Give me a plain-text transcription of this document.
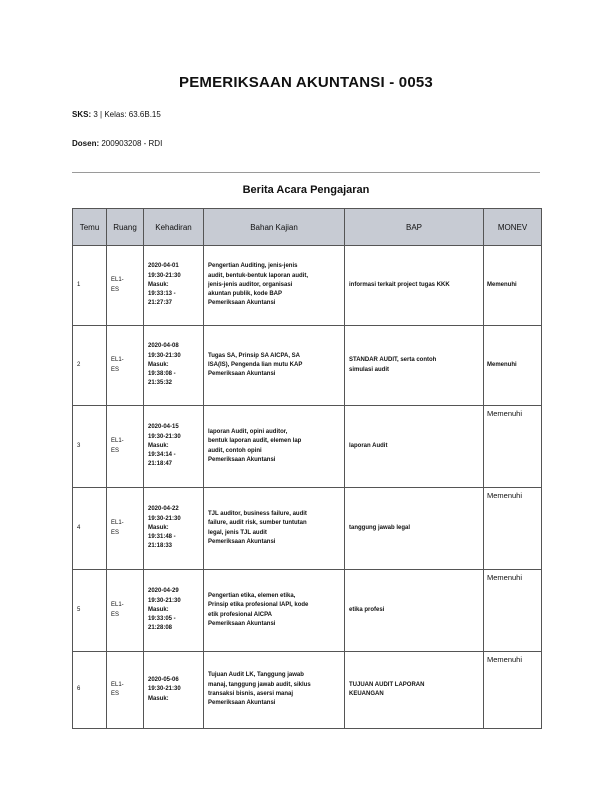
PEMERIKSAAN AKUNTANSI - 0053
SKS: 3 | Kelas: 63.6B.15
Dosen: 200903208 - RDI
Berita Acara Pengajaran
Temu	Ruang	Kehadiran	Bahan Kajian	BAP	MONEV
1	EL1-
ES	2020-04-01
19:30-21:30
Masuk:
19:33:13 -
21:27:37	Pengertian Auditing, jenis-jenis
audit, bentuk-bentuk laporan audit,
jenis-jenis auditor, organisasi
akuntan publik, kode BAP
Pemeriksaan Akuntansi	informasi terkait project tugas KKK	Memenuhi
2	EL1-
ES	2020-04-08
19:30-21:30
Masuk:
19:38:08 -
21:35:32	Tugas SA, Prinsip SA AICPA, SA
ISA(IS), Pengenda lian mutu KAP
Pemeriksaan Akuntansi	STANDAR AUDIT, serta contoh
simulasi audit	Memenuhi
3	EL1-
ES	2020-04-15
19:30-21:30
Masuk:
19:34:14 -
21:18:47	laporan Audit, opini auditor,
bentuk laporan audit, elemen lap
audit, contoh opini
Pemeriksaan Akuntansi	laporan Audit	Memenuhi
4	EL1-
ES	2020-04-22
19:30-21:30
Masuk:
19:31:48 -
21:18:33	TJL auditor, business failure, audit
failure, audit risk, sumber tuntutan
legal, jenis TJL audit
Pemeriksaan Akuntansi	tanggung jawab legal	Memenuhi
5	EL1-
ES	2020-04-29
19:30-21:30
Masuk:
19:33:05 -
21:28:08	Pengertian etika, elemen etika,
Prinsip etika profesional IAPI, kode
etik profesional AICPA
Pemeriksaan Akuntansi	etika profesi	Memenuhi
6	EL1-
ES	2020-05-06
19:30-21:30
Masuk:	Tujuan Audit LK, Tanggung jawab
manaj, tanggung jawab audit, siklus
transaksi bisnis, asersi manaj
Pemeriksaan Akuntansi	TUJUAN AUDIT LAPORAN
KEUANGAN	Memenuhi
